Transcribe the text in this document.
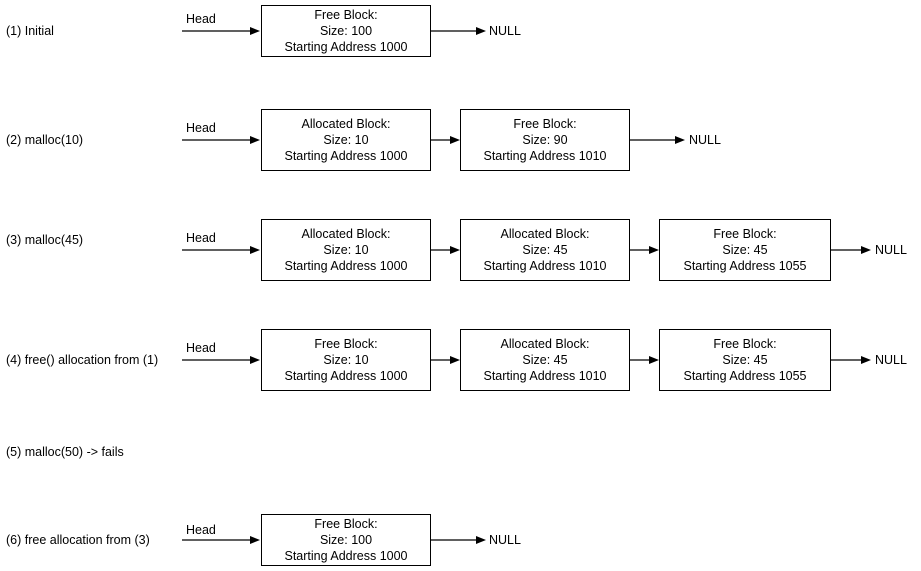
(1) Initial
Head	Free Block:
Size: 100
Starting Address 1000
NULL
(2) malloc(10)
Head	Allocated Block:
Size: 10
Starting Address 1000
Free Block:
Size: 90
Starting Address 1010
NULL
(3) malloc(45)	Head	Allocated Block:
Size: 10
Starting Address 1000
Allocated Block:
Size: 45
Starting Address 1010
Free Block:
Size: 45
Starting Address 1055
NULL
(4) free() allocation from (1)
Head	Free Block:
Size: 10
Starting Address 1000
Allocated Block:
Size: 45
Starting Address 1010
Free Block:
Size: 45
Starting Address 1055
NULL
(5) malloc(50) -> fails
(6) free allocation from (3)
Head	Free Block:
Size: 100
Starting Address 1000
NULL
